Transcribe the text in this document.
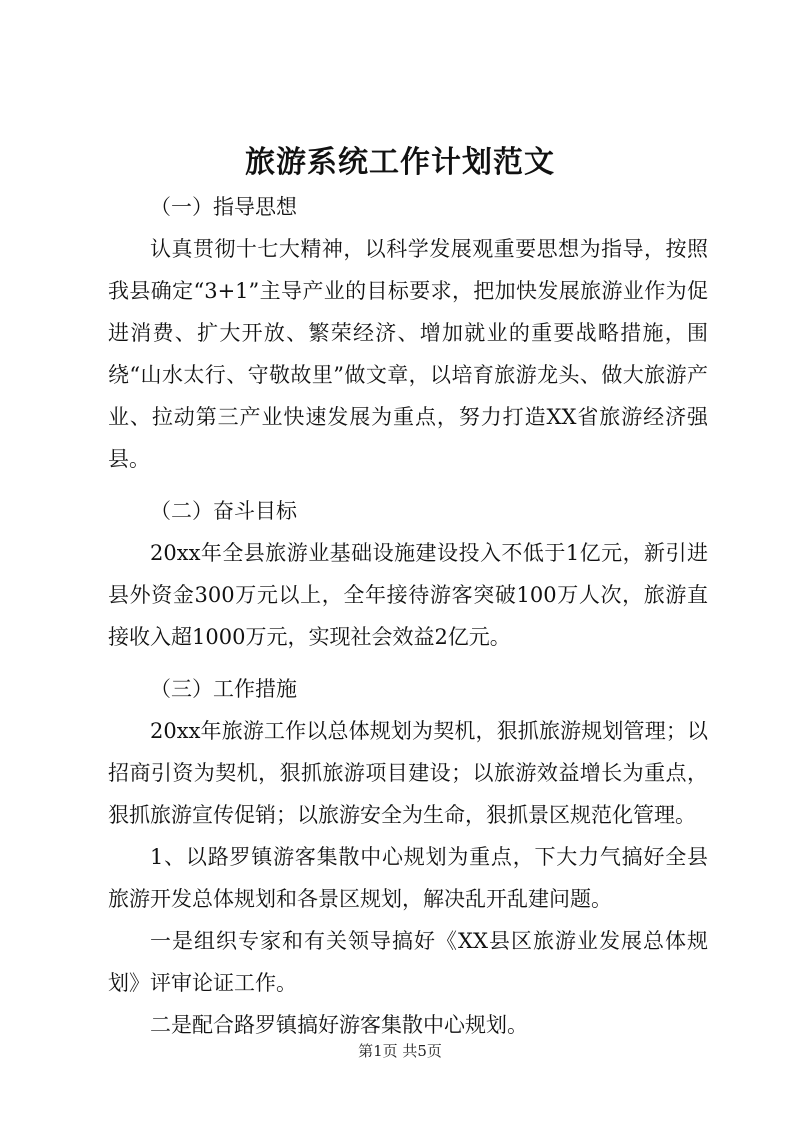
旅游系统工作计划范文

（一）指导思想

认真贯彻十七大精神，以科学发展观重要思想为指导，按照我县确定“3+1”主导产业的目标要求，把加快发展旅游业作为促进消费、扩大开放、繁荣经济、增加就业的重要战略措施，围绕“山水太行、守敬故里”做文章，以培育旅游龙头、做大旅游产业、拉动第三产业快速发展为重点，努力打造XX省旅游经济强县。

（二）奋斗目标

20xx年全县旅游业基础设施建设投入不低于1亿元，新引进县外资金300万元以上，全年接待游客突破100万人次，旅游直接收入超1000万元，实现社会效益2亿元。

（三）工作措施

20xx年旅游工作以总体规划为契机，狠抓旅游规划管理；以招商引资为契机，狠抓旅游项目建设；以旅游效益增长为重点，狠抓旅游宣传促销；以旅游安全为生命，狠抓景区规范化管理。

1、以路罗镇游客集散中心规划为重点，下大力气搞好全县旅游开发总体规划和各景区规划，解决乱开乱建问题。

一是组织专家和有关领导搞好《XX县区旅游业发展总体规划》评审论证工作。

二是配合路罗镇搞好游客集散中心规划。

第1页 共5页
